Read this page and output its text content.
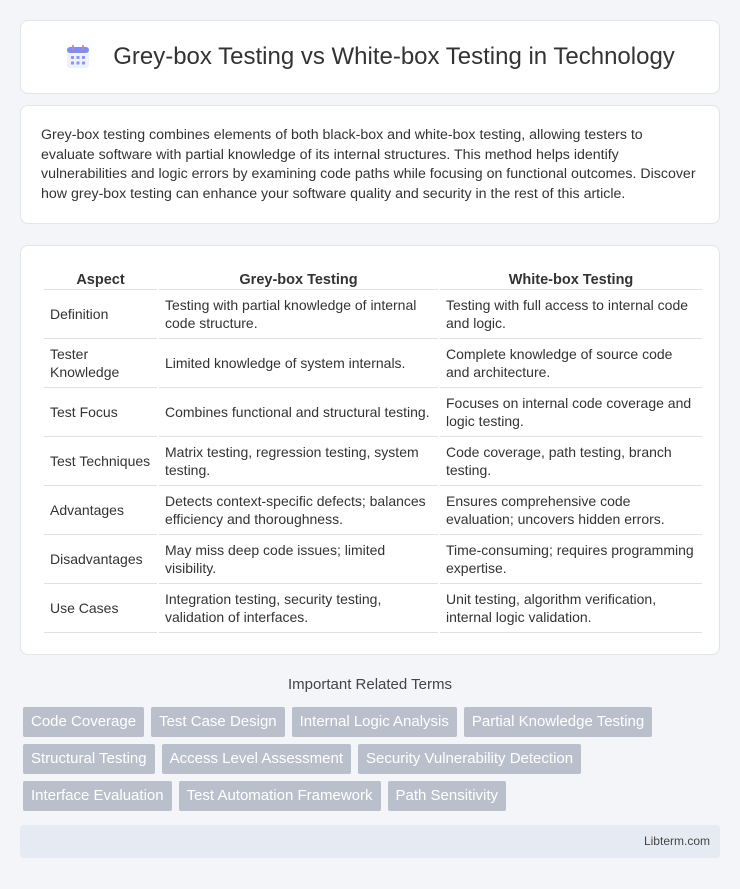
Grey-box Testing vs White-box Testing in Technology

Grey-box testing combines elements of both black-box and white-box testing, allowing testers to evaluate software with partial knowledge of its internal structures. This method helps identify vulnerabilities and logic errors by examining code paths while focusing on functional outcomes. Discover how grey-box testing can enhance your software quality and security in the rest of this article.

Aspect	Grey-box Testing	White-box Testing
Definition	Testing with partial knowledge of internal code structure.	Testing with full access to internal code and logic.
Tester Knowledge	Limited knowledge of system internals.	Complete knowledge of source code and architecture.
Test Focus	Combines functional and structural testing.	Focuses on internal code coverage and logic testing.
Test Techniques	Matrix testing, regression testing, system testing.	Code coverage, path testing, branch testing.
Advantages	Detects context-specific defects; balances efficiency and thoroughness.	Ensures comprehensive code evaluation; uncovers hidden errors.
Disadvantages	May miss deep code issues; limited visibility.	Time-consuming; requires programming expertise.
Use Cases	Integration testing, security testing, validation of interfaces.	Unit testing, algorithm verification, internal logic validation.
Important Related Terms
Code Coverage	Test Case Design	Internal Logic Analysis	Partial Knowledge Testing
Structural Testing	Access Level Assessment	Security Vulnerability Detection
Interface Evaluation	Test Automation Framework	Path Sensitivity
Libterm.com
